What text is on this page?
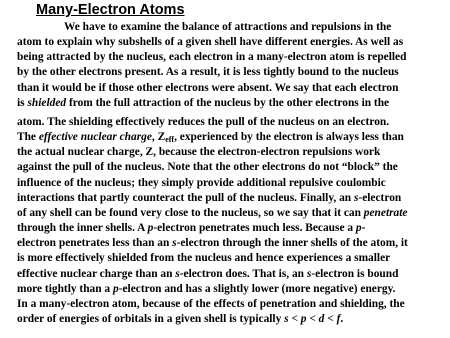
Many-Electron Atoms
We have to examine the balance of attractions and repulsions in the
atom to explain why subshells of a given shell have different energies. As well as
being attracted by the nucleus, each electron in a many-electron atom is repelled
by the other electrons present. As a result, it is less tightly bound to the nucleus
than it would be if those other electrons were absent. We say that each electron
is shielded from the full attraction of the nucleus by the other electrons in the
atom. The shielding effectively reduces the pull of the nucleus on an electron.
The effective nuclear charge, $Z_{eff}$, experienced by the electron is always less than
the actual nuclear charge, Z, because the electron-electron repulsions work
against the pull of the nucleus. Note that the other electrons do not “block” the
influence of the nucleus; they simply provide additional repulsive coulombic
interactions that partly counteract the pull of the nucleus. Finally, an s-electron
of any shell can be found very close to the nucleus, so we say that it can penetrate
through the inner shells. A p-electron penetrates much less. Because a p-
electron penetrates less than an s-electron through the inner shells of the atom, it
is more effectively shielded from the nucleus and hence experiences a smaller
effective nuclear charge than an s-electron does. That is, an s-electron is bound
more tightly than a p-electron and has a slightly lower (more negative) energy.
In a many-electron atom, because of the effects of penetration and shielding, the
order of energies of orbitals in a given shell is typically s < p < d < f.
